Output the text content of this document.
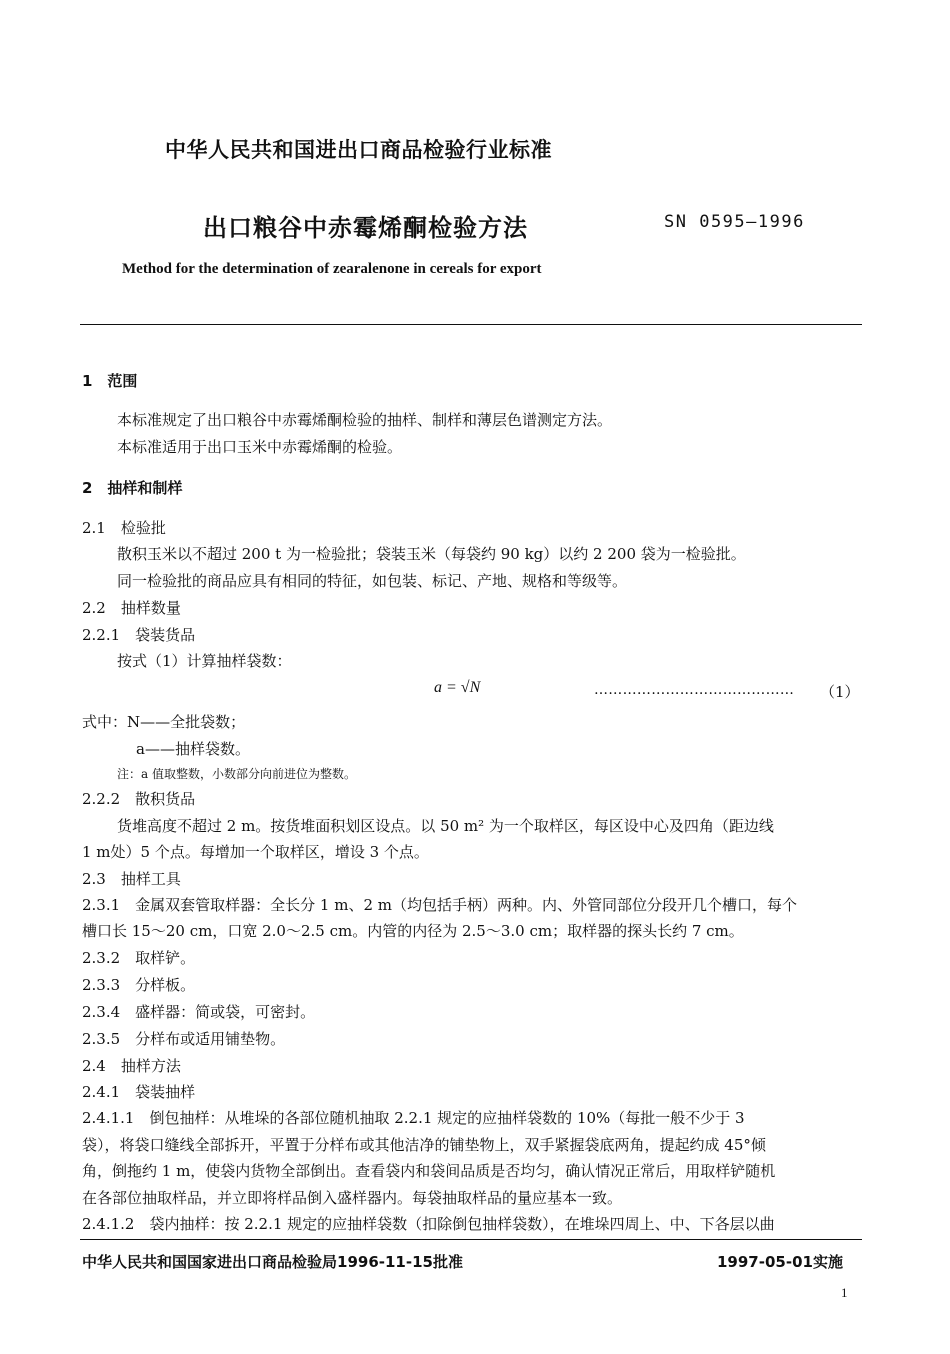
中华人民共和国进出口商品检验行业标准
出口粮谷中赤霉烯酮检验方法	SN 0595—1996
Method for the determination of zearalenone in cereals for export
1　范围
本标准规定了出口粮谷中赤霉烯酮检验的抽样、制样和薄层色谱测定方法。
本标准适用于出口玉米中赤霉烯酮的检验。
2　抽样和制样
2.1　检验批
散积玉米以不超过 200 t 为一检验批；袋装玉米（每袋约 90 kg）以约 2 200 袋为一检验批。
同一检验批的商品应具有相同的特征，如包装、标记、产地、规格和等级等。
2.2　抽样数量
2.2.1　袋装货品
按式（1）计算抽样袋数：
a = √N	…………………………………… （1）
式中：N——全批袋数；
a——抽样袋数。
注：a 值取整数，小数部分向前进位为整数。
2.2.2　散积货品
货堆高度不超过 2 m。按货堆面积划区设点。以 50 m² 为一个取样区，每区设中心及四角（距边线
1 m处）5 个点。每增加一个取样区，增设 3 个点。
2.3　抽样工具
2.3.1　金属双套管取样器：全长分 1 m、2 m（均包括手柄）两种。内、外管同部位分段开几个槽口，每个
槽口长 15～20 cm，口宽 2.0～2.5 cm。内管的内径为 2.5～3.0 cm；取样器的探头长约 7 cm。
2.3.2　取样铲。
2.3.3　分样板。
2.3.4　盛样器：简或袋，可密封。
2.3.5　分样布或适用铺垫物。
2.4　抽样方法
2.4.1　袋装抽样
2.4.1.1　倒包抽样：从堆垛的各部位随机抽取 2.2.1 规定的应抽样袋数的 10%（每批一般不少于 3
袋），将袋口缝线全部拆开，平置于分样布或其他洁净的铺垫物上，双手紧握袋底两角，提起约成 45°倾
角，倒拖约 1 m，使袋内货物全部倒出。查看袋内和袋间品质是否均匀，确认情况正常后，用取样铲随机
在各部位抽取样品，并立即将样品倒入盛样器内。每袋抽取样品的量应基本一致。
2.4.1.2　袋内抽样：按 2.2.1 规定的应抽样袋数（扣除倒包抽样袋数），在堆垛四周上、中、下各层以曲
中华人民共和国国家进出口商品检验局1996-11-15批准	1997-05-01实施
1
